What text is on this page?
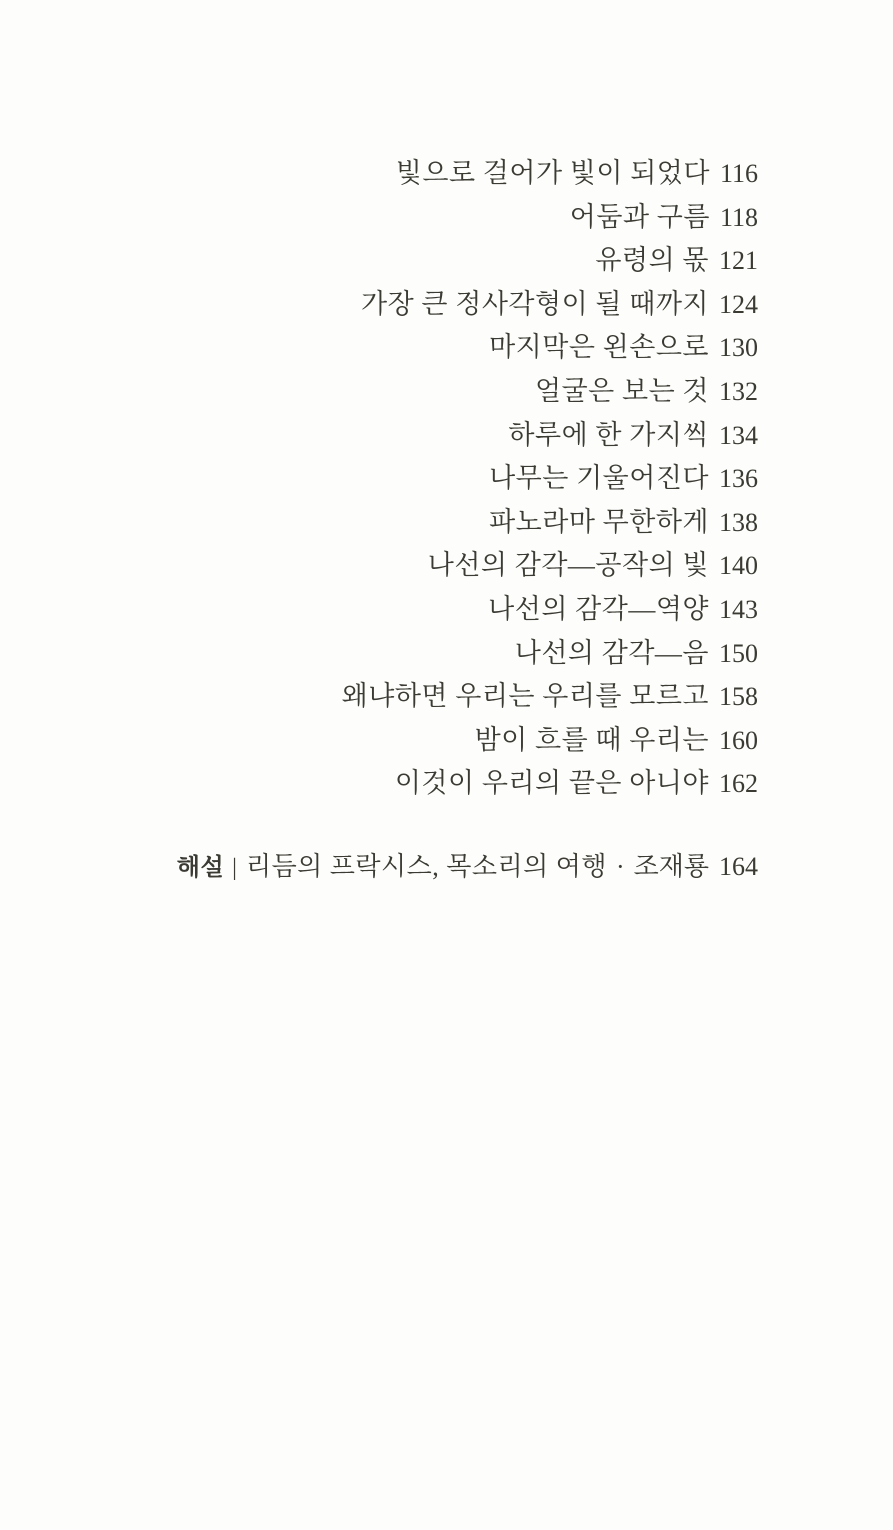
빛으로 걸어가 빛이 되었다 116
어둠과 구름 118
유령의 몫 121
가장 큰 정사각형이 될 때까지 124
마지막은 왼손으로 130
얼굴은 보는 것 132
하루에 한 가지씩 134
나무는 기울어진다 136
파노라마 무한하게 138
나선의 감각—공작의 빛 140
나선의 감각—역양 143
나선의 감각—음 150
왜냐하면 우리는 우리를 모르고 158
밤이 흐를 때 우리는 160
이것이 우리의 끝은 아니야 162
해설 | 리듬의 프락시스, 목소리의 여행 · 조재룡 164
